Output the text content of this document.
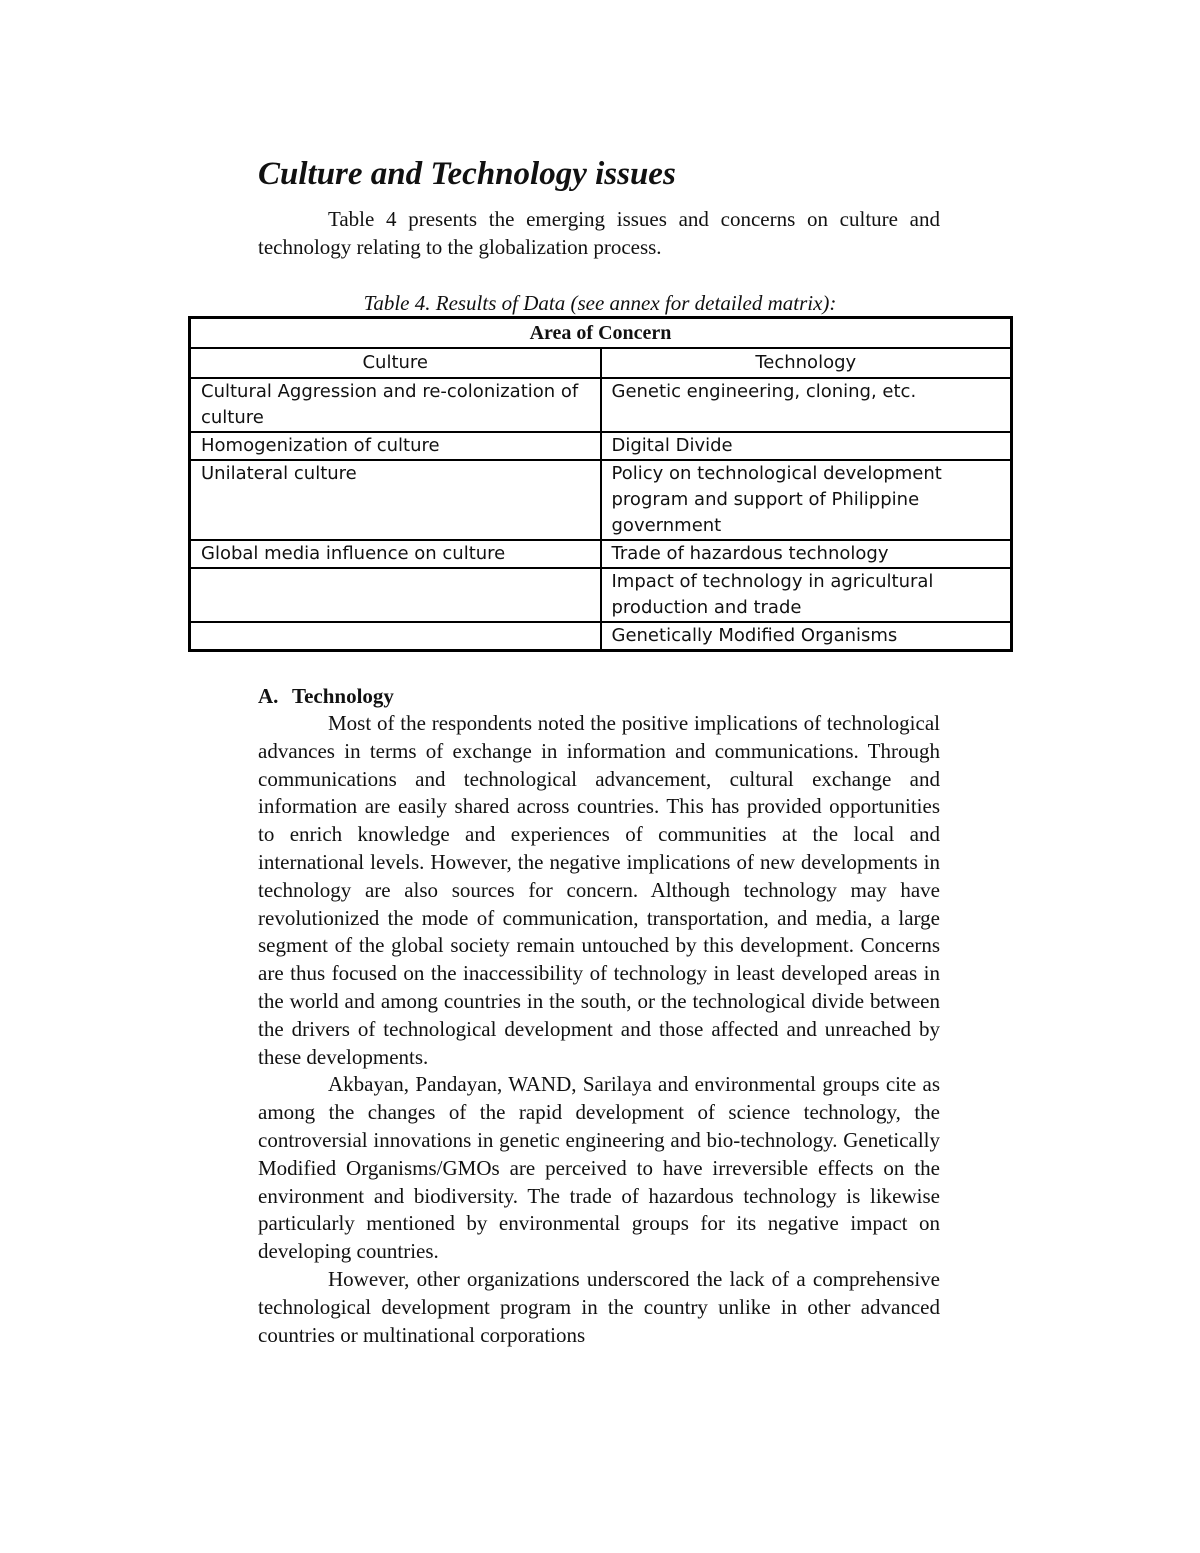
Culture and Technology issues

Table 4 presents the emerging issues and concerns on culture and technology relating to the globalization process.

Table 4. Results of Data (see annex for detailed matrix):

Area of Concern	
Culture	Technology
Cultural Aggression and re-colonization of culture	Genetic engineering, cloning, etc.
Homogenization of culture	Digital Divide
Unilateral culture	Policy on technological development program and support of Philippine government
Global media influence on culture	Trade of hazardous technology
	Impact of technology in agricultural production and trade
	Genetically Modified Organisms
A. Technology

Most of the respondents noted the positive implications of technological advances in terms of exchange in information and communications. Through communications and technological advancement, cultural exchange and information are easily shared across countries. This has provided opportunities to enrich knowledge and experiences of communities at the local and international levels. However, the negative implications of new developments in technology are also sources for concern. Although technology may have revolutionized the mode of communication, transportation, and media, a large segment of the global society remain untouched by this development. Concerns are thus focused on the inaccessibility of technology in least developed areas in the world and among countries in the south, or the technological divide between the drivers of technological development and those affected and unreached by these developments.

Akbayan, Pandayan, WAND, Sarilaya and environmental groups cite as among the changes of the rapid development of science technology, the controversial innovations in genetic engineering and bio-technology. Genetically Modified Organisms/GMOs are perceived to have irreversible effects on the environment and biodiversity. The trade of hazardous technology is likewise particularly mentioned by environmental groups for its negative impact on developing countries.

However, other organizations underscored the lack of a comprehensive technological development program in the country unlike in other advanced countries or multinational corporations
